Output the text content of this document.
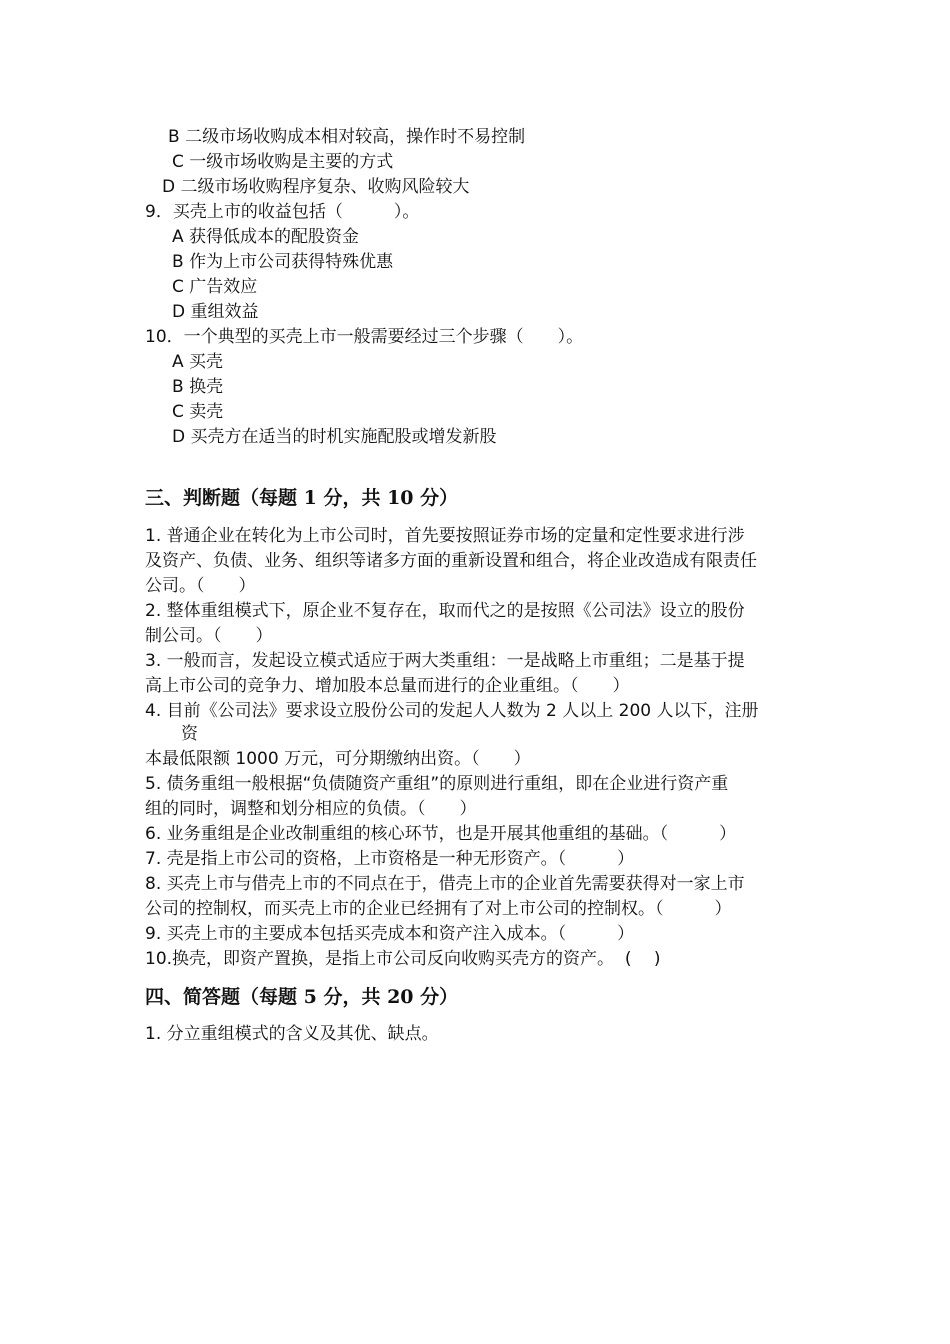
B 二级市场收购成本相对较高，操作时不易控制
C 一级市场收购是主要的方式
D 二级市场收购程序复杂、收购风险较大
9．买壳上市的收益包括（　　　）。
A 获得低成本的配股资金
B 作为上市公司获得特殊优惠
C 广告效应
D 重组效益
10．一个典型的买壳上市一般需要经过三个步骤（　　）。
A 买壳
B 换壳
C 卖壳
D 买壳方在适当的时机实施配股或增发新股
三、判断题（每题 1 分，共 10 分）
1. 普通企业在转化为上市公司时，首先要按照证券市场的定量和定性要求进行涉
及资产、负债、业务、组织等诸多方面的重新设置和组合，将企业改造成有限责任
公司。（　　）
2. 整体重组模式下，原企业不复存在，取而代之的是按照《公司法》设立的股份
制公司。（　　）
3. 一般而言，发起设立模式适应于两大类重组：一是战略上市重组；二是基于提
高上市公司的竞争力、增加股本总量而进行的企业重组。（　　）
4. 目前《公司法》要求设立股份公司的发起人人数为 2 人以上 200 人以下，注册
资
本最低限额 1000 万元，可分期缴纳出资。（　　）
5. 债务重组一般根据“负债随资产重组”的原则进行重组，即在企业进行资产重
组的同时，调整和划分相应的负债。（　　）
6. 业务重组是企业改制重组的核心环节，也是开展其他重组的基础。（　　　）
7. 壳是指上市公司的资格，上市资格是一种无形资产。（　　　）
8. 买壳上市与借壳上市的不同点在于，借壳上市的企业首先需要获得对一家上市
公司的控制权，而买壳上市的企业已经拥有了对上市公司的控制权。（　　　）
9. 买壳上市的主要成本包括买壳成本和资产注入成本。（　　　）
10.换壳，即资产置换，是指上市公司反向收购买壳方的资产。  (　 )
四、简答题（每题 5 分，共 20 分）
1. 分立重组模式的含义及其优、缺点。
